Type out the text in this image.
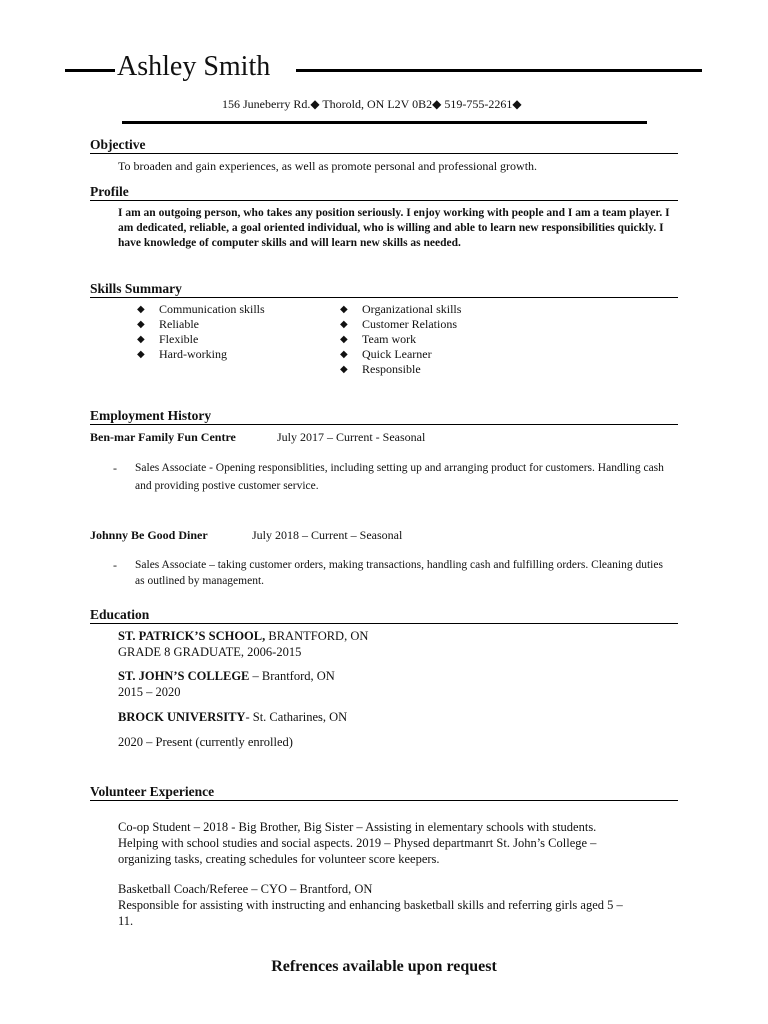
Ashley Smith
156 Juneberry Rd.◆ Thorold, ON L2V 0B2◆ 519-755-2261◆
Objective
To broaden and gain experiences, as well as promote personal and professional growth.
Profile
I am an outgoing person, who takes any position seriously. I enjoy working with people and I am a team player. I am dedicated, reliable, a goal oriented individual, who is willing and able to learn new responsibilities quickly. I have knowledge of computer skills and will learn new skills as needed.
Skills Summary
◆ Communication skills
◆ Reliable
◆ Flexible
◆ Hard-working
◆ Organizational skills
◆ Customer Relations
◆ Team work
◆ Quick Learner
◆ Responsible
Employment History
Ben-mar Family Fun Centre	July 2017 – Current - Seasonal
- Sales Associate - Opening responsiblities, including setting up and arranging product for customers. Handling cash and providing postive customer service.
Johnny Be Good Diner	July 2018 – Current – Seasonal
- Sales Associate – taking customer orders, making transactions, handling cash and fulfilling orders. Cleaning duties as outlined by management.
Education
ST. PATRICK’S SCHOOL, BRANTFORD, ON
GRADE 8 GRADUATE, 2006-2015
ST. JOHN’S COLLEGE – Brantford, ON
2015 – 2020
BROCK UNIVERSITY- St. Catharines, ON
2020 – Present (currently enrolled)
Volunteer Experience
Co-op Student – 2018 - Big Brother, Big Sister – Assisting in elementary schools with students. Helping with school studies and social aspects. 2019 – Physed departmanrt St. John’s College – organizing tasks, creating schedules for volunteer score keepers.
Basketball Coach/Referee – CYO – Brantford, ON
Responsible for assisting with instructing and enhancing basketball skills and referring girls aged 5 – 11.
Refrences available upon request
